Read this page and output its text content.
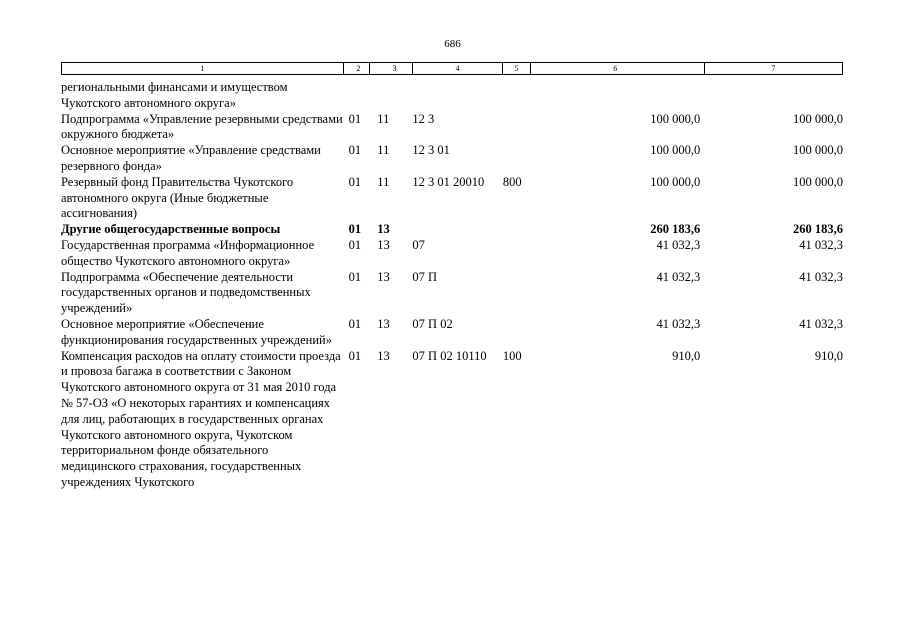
686
1	2	3	4	5	6	7
региональными финансами и имуществом Чукотского автономного округа»						
Подпрограмма «Управление резервными средствами окружного бюджета»	01	11	12 3		100 000,0	100 000,0
Основное мероприятие «Управление средствами резервного фонда»	01	11	12 3 01		100 000,0	100 000,0
Резервный фонд Правительства Чукотского автономного округа (Иные бюджетные ассигнования)	01	11	12 3 01 20010	800	100 000,0	100 000,0
Другие общегосударственные вопросы	01	13			260 183,6	260 183,6
Государственная программа «Информационное общество Чукотского автономного округа»	01	13	07		41 032,3	41 032,3
Подпрограмма «Обеспечение деятельности государственных органов и подведомственных учреждений»	01	13	07 П		41 032,3	41 032,3
Основное мероприятие «Обеспечение функционирования государственных учреждений»	01	13	07 П 02		41 032,3	41 032,3
Компенсация расходов на оплату стоимости проезда и провоза багажа в соответствии с Законом Чукотского автономного округа от 31 мая 2010 года № 57-ОЗ «О некоторых гарантиях и компенсациях для лиц, работающих в государственных органах Чукотского автономного округа, Чукотском территориальном фонде обязательного медицинского страхования, государственных учреждениях Чукотского	01	13	07 П 02 10110	100	910,0	910,0
